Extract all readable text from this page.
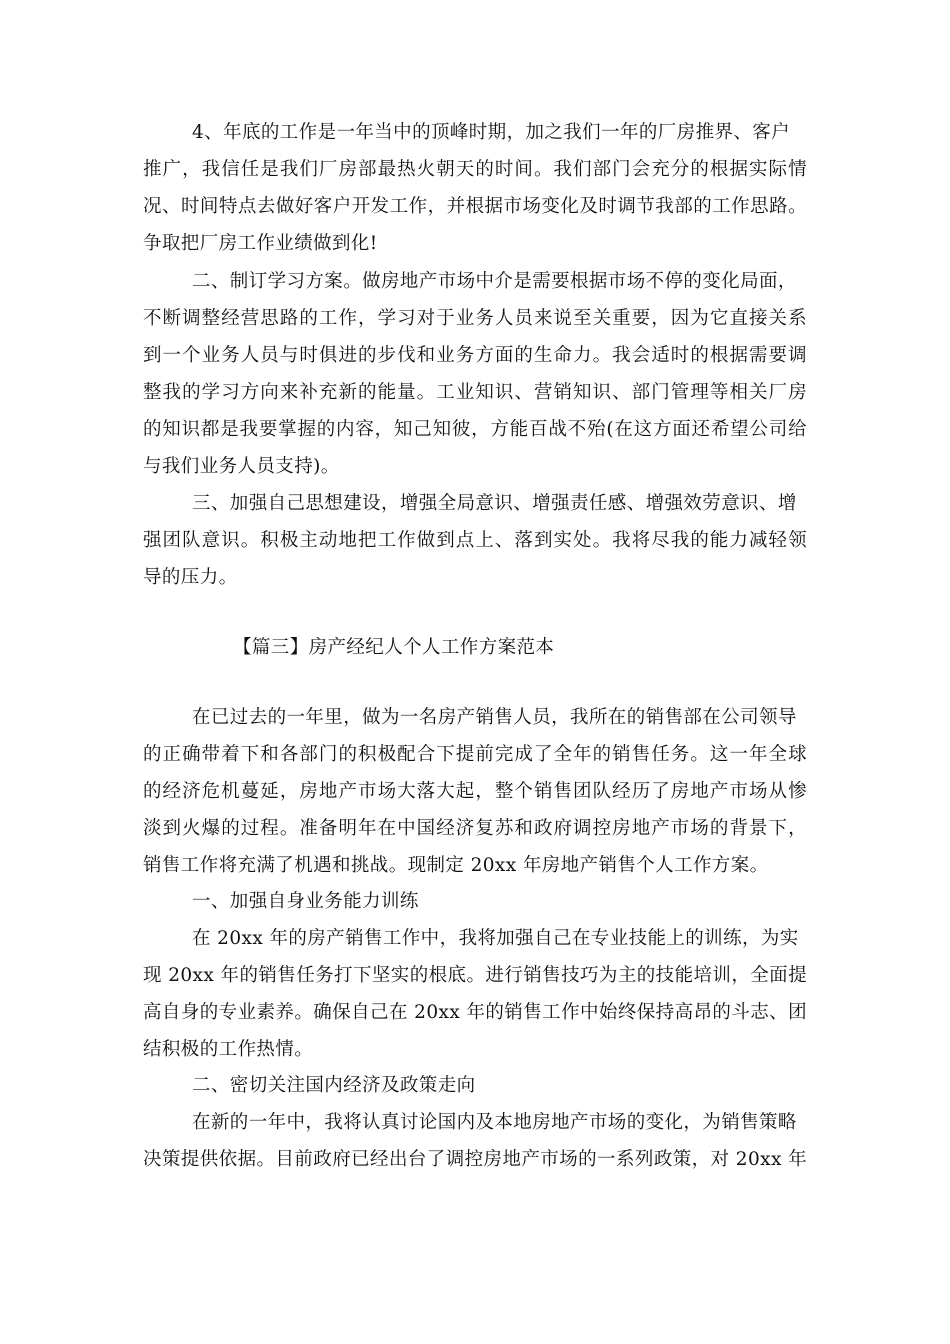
4、年底的工作是一年当中的顶峰时期，加之我们一年的厂房推界、客户
推广，我信任是我们厂房部最热火朝天的时间。我们部门会充分的根据实际情
况、时间特点去做好客户开发工作，并根据市场变化及时调节我部的工作思路。
争取把厂房工作业绩做到化!
二、制订学习方案。做房地产市场中介是需要根据市场不停的变化局面，
不断调整经营思路的工作，学习对于业务人员来说至关重要，因为它直接关系
到一个业务人员与时俱进的步伐和业务方面的生命力。我会适时的根据需要调
整我的学习方向来补充新的能量。工业知识、营销知识、部门管理等相关厂房
的知识都是我要掌握的内容，知己知彼，方能百战不殆(在这方面还希望公司给
与我们业务人员支持)。
三、加强自己思想建设，增强全局意识、增强责任感、增强效劳意识、增
强团队意识。积极主动地把工作做到点上、落到实处。我将尽我的能力减轻领
导的压力。
【篇三】房产经纪人个人工作方案范本
在已过去的一年里，做为一名房产销售人员，我所在的销售部在公司领导
的正确带着下和各部门的积极配合下提前完成了全年的销售任务。这一年全球
的经济危机蔓延，房地产市场大落大起，整个销售团队经历了房地产市场从惨
淡到火爆的过程。准备明年在中国经济复苏和政府调控房地产市场的背景下，
销售工作将充满了机遇和挑战。现制定 20xx 年房地产销售个人工作方案。
一、加强自身业务能力训练
在 20xx 年的房产销售工作中，我将加强自己在专业技能上的训练，为实
现 20xx 年的销售任务打下坚实的根底。进行销售技巧为主的技能培训，全面提
高自身的专业素养。确保自己在 20xx 年的销售工作中始终保持高昂的斗志、团
结积极的工作热情。
二、密切关注国内经济及政策走向
在新的一年中，我将认真讨论国内及本地房地产市场的变化，为销售策略
决策提供依据。目前政府已经出台了调控房地产市场的一系列政策，对 20xx 年
